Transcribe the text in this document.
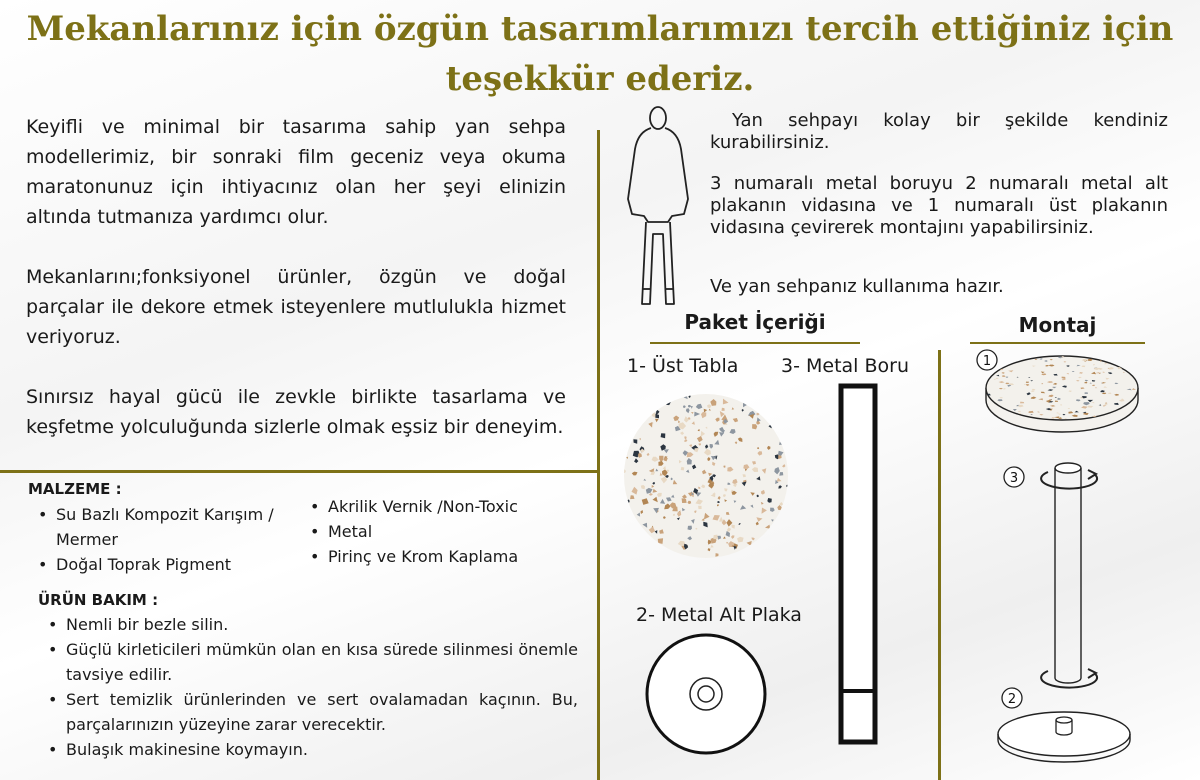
Mekanlarınız için özgün tasarımlarımızı tercih ettiğiniz için
teşekkür ederiz.
Keyifli ve minimal bir tasarıma sahip yan sehpa modellerimiz, bir sonraki film geceniz veya okuma maratonunuz için ihtiyacınız olan her şeyi elinizin altında tutmanıza yardımcı olur.
Mekanlarını;fonksiyonel ürünler, özgün ve doğal parçalar ile dekore etmek isteyenlere mutlulukla hizmet veriyoruz.
Sınırsız hayal gücü ile zevkle birlikte tasarlama ve keşfetme yolculuğunda sizlerle olmak eşsiz bir deneyim.
MALZEME :
• Su Bazlı Kompozit Karışım / Mermer
• Doğal Toprak Pigment
• Akrilik Vernik /Non-Toxic
• Metal
• Pirinç ve Krom Kaplama
ÜRÜN BAKIM :
• Nemli bir bezle silin.
• Güçlü kirleticileri mümkün olan en kısa sürede silinmesi önemle tavsiye edilir.
• Sert temizlik ürünlerinden ve sert ovalamadan kaçının. Bu, parçalarınızın yüzeyine zarar verecektir.
• Bulaşık makinesine koymayın.
Yan sehpayı kolay bir şekilde kendiniz kurabilirsiniz.
3 numaralı metal boruyu 2 numaralı metal alt plakanın vidasına ve 1 numaralı üst plakanın vidasına çevirerek montajını yapabilirsiniz.
Ve yan sehpanız kullanıma hazır.
Paket İçeriği
1- Üst Tabla 3- Metal Boru
2- Metal Alt Plaka
Montaj
1
3
2
